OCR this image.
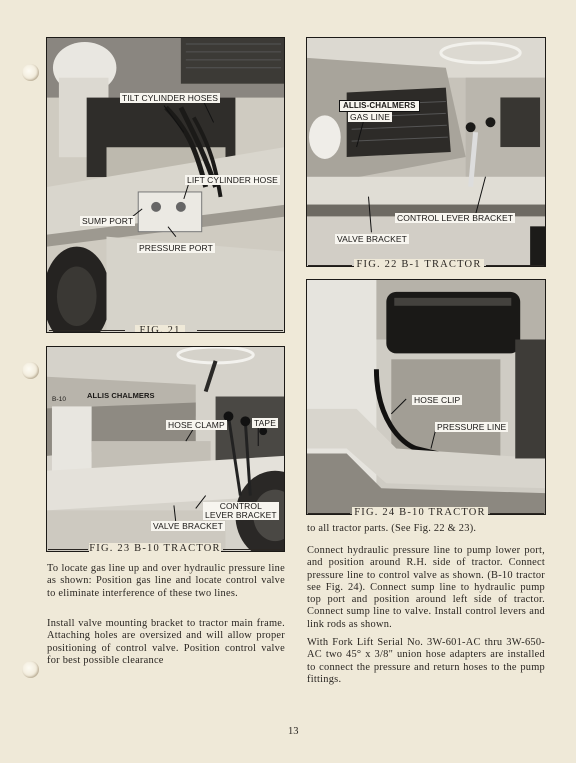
TILT CYLINDER HOSES
LIFT CYLINDER HOSE
SUMP PORT
PRESSURE PORT
FIG. 21
ALLIS-CHALMERS
GAS LINE
CONTROL LEVER BRACKET
VALVE BRACKET
FIG. 22 B-1 TRACTOR
B-10	ALLIS CHALMERS
HOSE CLAMP	TAPE
CONTROL
LEVER BRACKET
VALVE BRACKET
FIG. 23 B-10 TRACTOR
HOSE CLIP
PRESSURE LINE
FIG. 24 B-10 TRACTOR
To locate gas line up and over hydraulic pressure line as shown: Position gas line and locate control valve to eliminate interference of these two lines.
Install valve mounting bracket to tractor main frame. Attaching holes are oversized and will allow proper positioning of control valve. Position control valve for best possible clearance
to all tractor parts. (See Fig. 22 & 23).
Connect hydraulic pressure line to pump lower port, and position around R.H. side of tractor. Connect pressure line to control valve as shown. (B-10 tractor see Fig. 24). Connect sump line to hydraulic pump top port and position around left side of tractor. Connect sump line to valve. Install control levers and link rods as shown.
With Fork Lift Serial No. 3W-601-AC thru 3W-650-AC two 45° x 3/8" union hose adapters are installed to connect the pressure and return hoses to the pump fittings.
13
